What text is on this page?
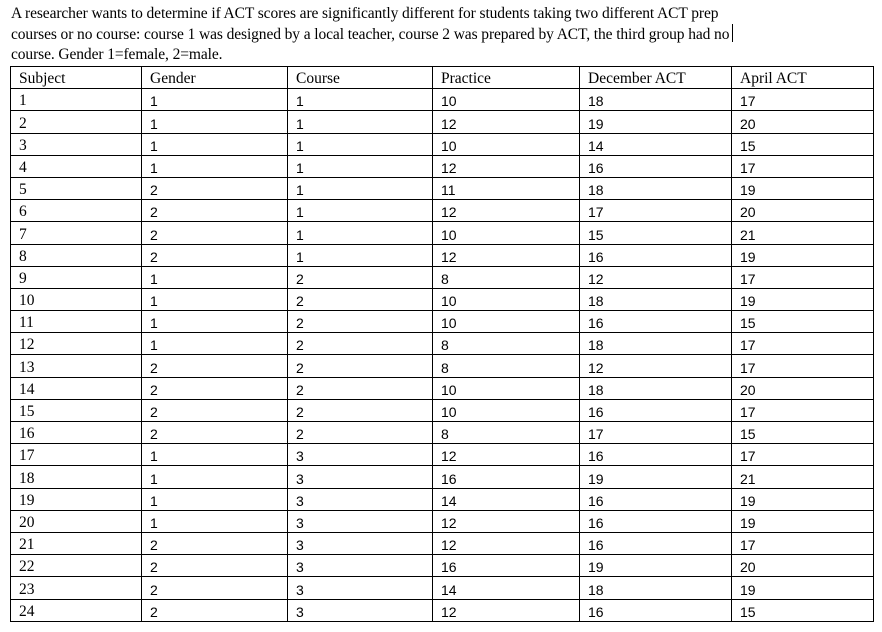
A researcher wants to determine if ACT scores are significantly different for students taking two different ACT prep
courses or no course: course 1 was designed by a local teacher, course 2 was prepared by ACT, the third group had no
course. Gender 1=female, 2=male.
Subject	Gender	Course	Practice	December ACT	April ACT
1	1	1	10	18	17
2	1	1	12	19	20
3	1	1	10	14	15
4	1	1	12	16	17
5	2	1	11	18	19
6	2	1	12	17	20
7	2	1	10	15	21
8	2	1	12	16	19
9	1	2	8	12	17
10	1	2	10	18	19
11	1	2	10	16	15
12	1	2	8	18	17
13	2	2	8	12	17
14	2	2	10	18	20
15	2	2	10	16	17
16	2	2	8	17	15
17	1	3	12	16	17
18	1	3	16	19	21
19	1	3	14	16	19
20	1	3	12	16	19
21	2	3	12	16	17
22	2	3	16	19	20
23	2	3	14	18	19
24	2	3	12	16	15
